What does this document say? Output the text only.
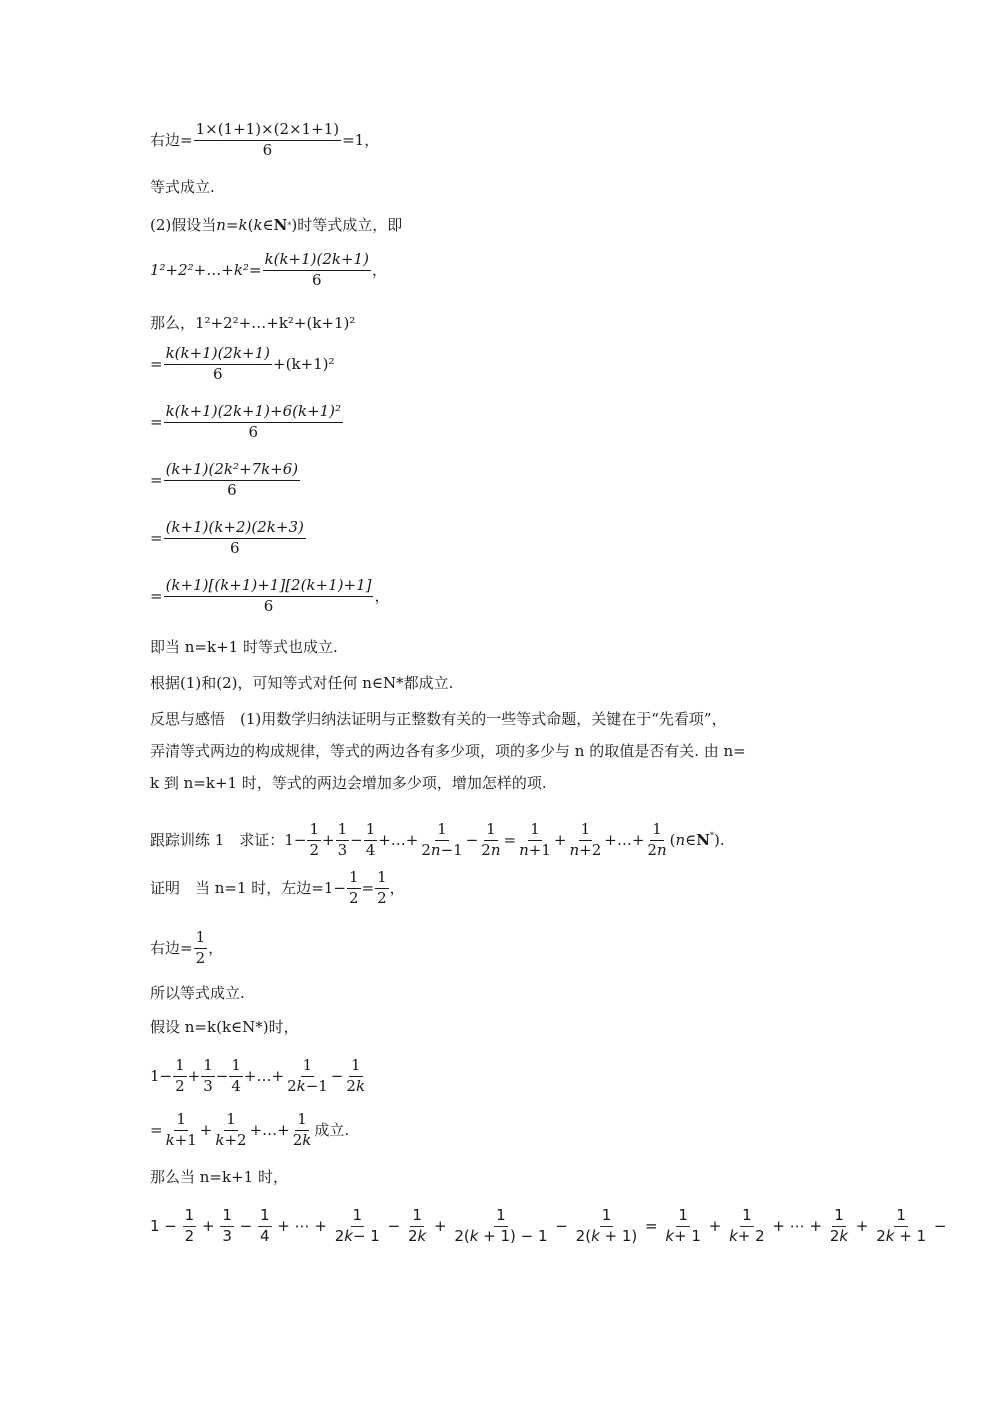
右边= $\frac{1\times(1+1)\times(2\times 1+1)}{6} =1$，
等式成立.
(2)假设当 n = k ( k ∈ N * )时等式成立，即
1²+2²+…+k²= $\frac{k(k+1)(2k+1)}{6}$ ，
那么，1²+2²+…+k²+(k+1)²
= $\frac{k(k+1)(2k+1)}{6} +(k+1)^2$
= $\frac{\text{k(k+1)(2k+1)+6(k+1)²}}{6}$
= $\frac{\text{(k+1)(2k²+7k+6)}}{6}$
= $\frac{(k+1)(k+2)(2k+3)}{6}$
= $\frac{(k+1)[(k+1)+1][2(k+1)+1]}{6}$ ，
即当 n=k+1 时等式也成立.
根据(1)和(2)，可知等式对任何 n∈N*都成立.
反思与感悟　(1)用数学归纳法证明与正整数有关的一些等式命题，关键在于“先看项”，
弄清等式两边的构成规律，等式的两边各有多少项，项的多少与 n 的取值是否有关. 由 n=
k 到 n=k+1 时，等式的两边会增加多少项，增加怎样的项.
跟踪训练 1　求证： $1- \frac{1}{2} + \frac{1}{3} - \frac{1}{4}$ +…+ $\frac{1}{2n-1} - \frac{1}{2n} = \frac{1}{n+1} + \frac{1}{n+2}$ +…+ $\frac{1}{2n}$ (n∈N*).
证明　当 n=1 时，左边$=1- \frac{1}{2} = \frac{1}{2}$ ，
右边= $\frac{1}{2}$ ，
所以等式成立.
假设 n=k(k∈N*)时，
$1- \frac{1}{2} + \frac{1}{3} - \frac{1}{4}$ +…+ $\frac{1}{2k-1} - \frac{1}{2k}$
= $\frac{1}{k+1} + \frac{1}{k+2}$ +…+ $\frac{1}{2k}$ 成立.
那么当 n=k+1 时，
$1 - \frac{1}{2} + \frac{1}{3} - \frac{1}{4}$ + ⋯ + $\frac{1}{2k- 1} - \frac{1}{2k} + \frac{1}{2(k + 1) - 1} - \frac{1}{2(k + 1)} = \frac{1}{k+ 1} + \frac{1}{k+ 2}$ + ⋯ + $\frac{1}{2k} + \frac{1}{2k + 1}$ −
